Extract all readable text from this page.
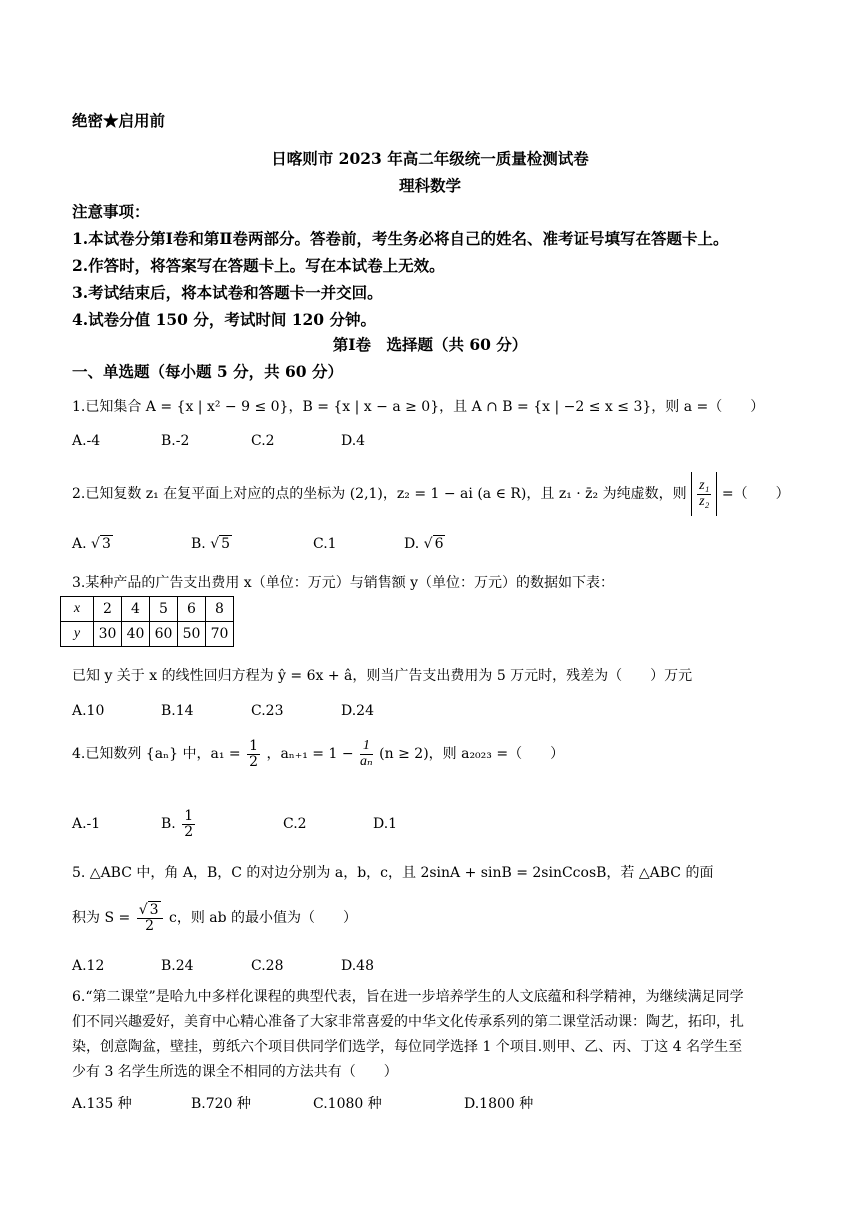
绝密★启用前
日喀则市 2023 年高二年级统一质量检测试卷
理科数学
注意事项：
1.本试卷分第Ⅰ卷和第Ⅱ卷两部分。答卷前，考生务必将自己的姓名、准考证号填写在答题卡上。
2.作答时，将答案写在答题卡上。写在本试卷上无效。
3.考试结束后，将本试卷和答题卡一并交回。
4.试卷分值 150 分，考试时间 120 分钟。
第Ⅰ卷　选择题（共 60 分）
一、单选题（每小题 5 分，共 60 分）
1.已知集合 A = {x | x² − 9 ≤ 0}，B = {x | x − a ≥ 0}，且 A ∩ B = {x | −2 ≤ x ≤ 3}，则 a =（　　）
A.-4	B.-2	C.2	D.4
2.已知复数 z₁ 在复平面上对应的点的坐标为 (2,1)，z₂ = 1 − ai (a ∈ R)，且 z₁ · z̄₂ 为纯虚数，则 $\frac{\text{z₁}}{\text{z₂}}$ =（　　）
A. √ 3	B. √ 5	C.1	D. √ 6
3.某种产品的广告支出费用 x（单位：万元）与销售额 y（单位：万元）的数据如下表：
x	2	4	5	6	8
y	30	40	60	50	70
已知 y 关于 x 的线性回归方程为 ŷ = 6x + â，则当广告支出费用为 5 万元时，残差为（　　）万元
A.10	B.14	C.23	D.24
4.已知数列 {aₙ} 中，$a_1 = \frac{1}{2}$ ，$a_{n+1} = 1 - \frac{1}{\text{aₙ}} (n \ge 2)$，则 a₂₀₂₃ =（　　）
A.-1	B. $\frac{1}{2}$	C.2	D.1
5. △ABC 中，角 A，B，C 的对边分别为 a，b，c，且 2sinA + sinB = 2sinCcosB，若 △ABC 的面
积为 $S = \frac{√ 3}{2}$ c，则 ab 的最小值为（　　）
A.12	B.24	C.28	D.48
6.“第二课堂”是哈九中多样化课程的典型代表，旨在进一步培养学生的人文底蕴和科学精神，为继续满足同学
们不同兴趣爱好，美育中心精心准备了大家非常喜爱的中华文化传承系列的第二课堂活动课：陶艺，拓印，扎
染，创意陶盆，壁挂，剪纸六个项目供同学们选学，每位同学选择 1 个项目.则甲、乙、丙、丁这 4 名学生至
少有 3 名学生所选的课全不相同的方法共有（　　）
A.135 种	B.720 种	C.1080 种	D.1800 种
